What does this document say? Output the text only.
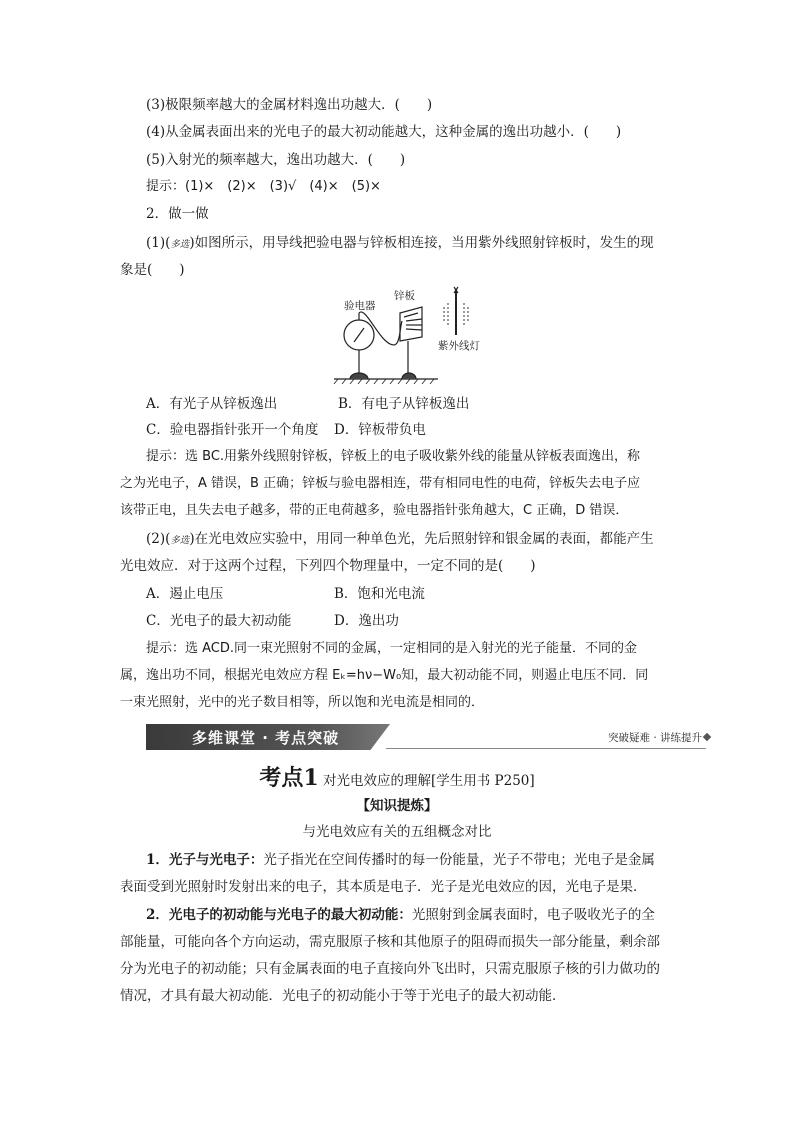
(3)极限频率越大的金属材料逸出功越大．(　　)
(4)从金属表面出来的光电子的最大初动能越大，这种金属的逸出功越小．(　　)
(5)入射光的频率越大，逸出功越大．(　　)
提示：(1)×　(2)×　(3)√　(4)×　(5)×
2．做一做
(1)(多选)如图所示，用导线把验电器与锌板相连接，当用紫外线照射锌板时，发生的现
象是(　　)
验电器
锌板
紫外线灯
A．有光子从锌板逸出	B．有电子从锌板逸出
C．验电器指针张开一个角度 D．锌板带负电
提示：选 BC.用紫外线照射锌板，锌板上的电子吸收紫外线的能量从锌板表面逸出，称
之为光电子，A 错误，B 正确；锌板与验电器相连，带有相同电性的电荷，锌板失去电子应
该带正电，且失去电子越多，带的正电荷越多，验电器指针张角越大，C 正确，D 错误．
(2)(多选)在光电效应实验中，用同一种单色光，先后照射锌和银金属的表面，都能产生
光电效应．对于这两个过程，下列四个物理量中，一定不同的是(　　)
A．遏止电压	B．饱和光电流
C．光电子的最大初动能	D．逸出功
提示：选 ACD.同一束光照射不同的金属，一定相同的是入射光的光子能量．不同的金
属，逸出功不同，根据光电效应方程 Eₖ=hν−W₀知，最大初动能不同，则遏止电压不同．同
一束光照射，光中的光子数目相等，所以饱和光电流是相同的．
多维课堂 · 考点突破	突破疑难 · 讲练提升
考点1 对光电效应的理解[学生用书 P250]
【知识提炼】
与光电效应有关的五组概念对比
1．光子与光电子：光子指光在空间传播时的每一份能量，光子不带电；光电子是金属
表面受到光照射时发射出来的电子，其本质是电子．光子是光电效应的因，光电子是果．
2．光电子的初动能与光电子的最大初动能：光照射到金属表面时，电子吸收光子的全
部能量，可能向各个方向运动，需克服原子核和其他原子的阻碍而损失一部分能量，剩余部
分为光电子的初动能；只有金属表面的电子直接向外飞出时，只需克服原子核的引力做功的
情况，才具有最大初动能．光电子的初动能小于等于光电子的最大初动能．
